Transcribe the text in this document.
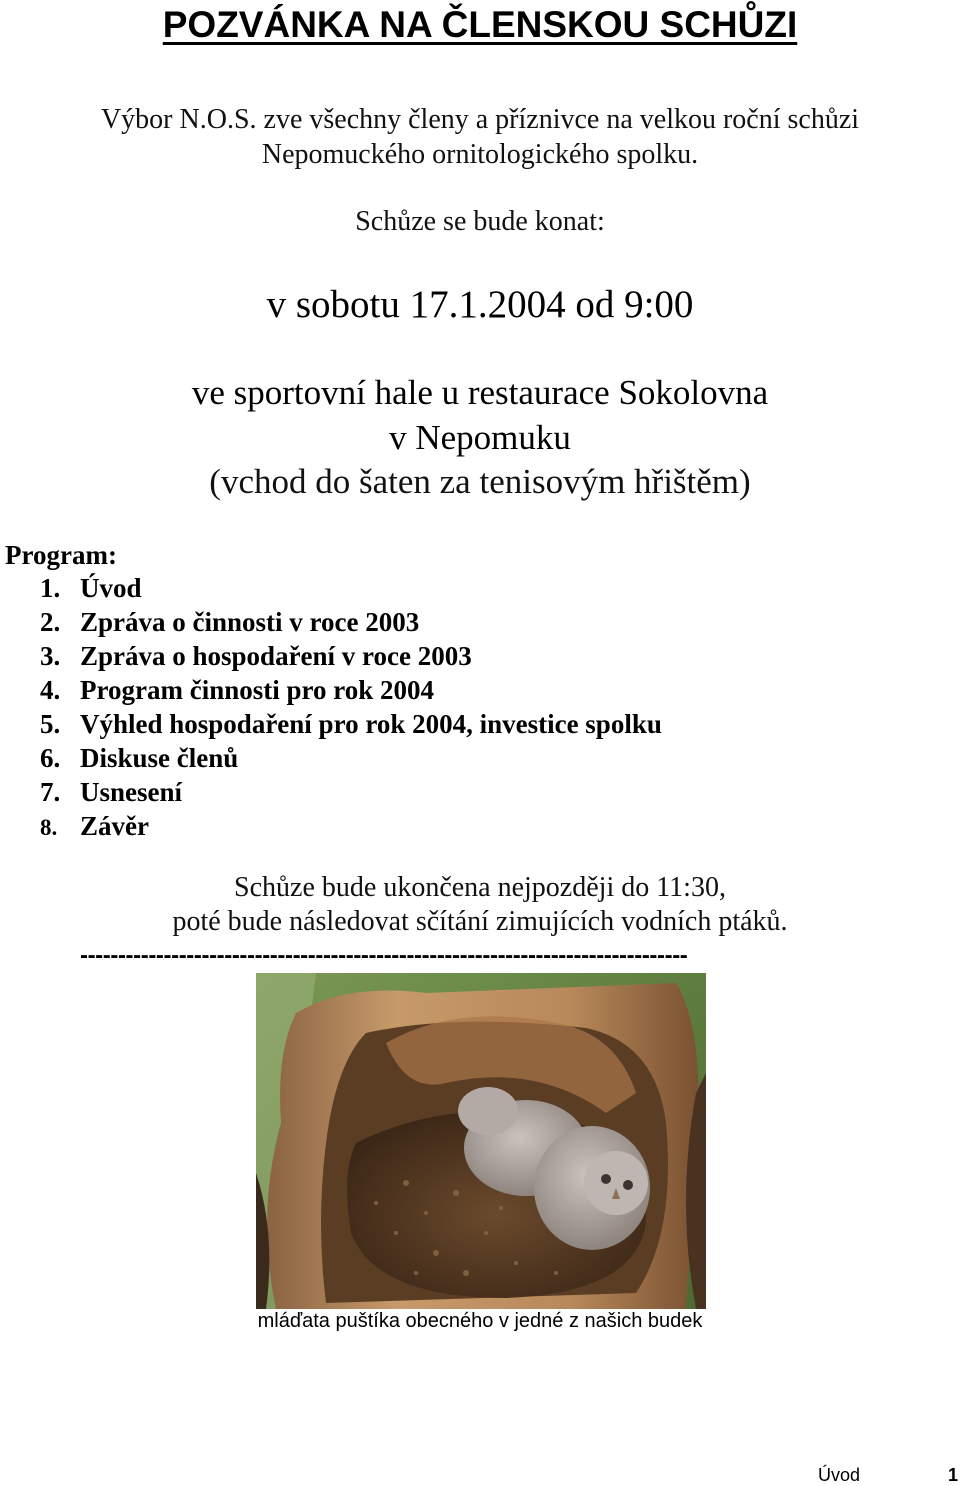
POZVÁNKA NA ČLENSKOU SCHŮZI
Výbor N.O.S. zve všechny členy a příznivce na velkou roční schůzi
Nepomuckého ornitologického spolku.
Schůze se bude konat:
v sobotu 17.1.2004 od 9:00
ve sportovní hale u restaurace Sokolovna
v Nepomuku
(vchod do šaten za tenisovým hřištěm)
Program:
1. Úvod
2. Zpráva o činnosti v roce 2003
3. Zpráva o hospodaření v roce 2003
4. Program činnosti pro rok 2004
5. Výhled hospodaření pro rok 2004, investice spolku
6. Diskuse členů
7. Usnesení
8. Závěr
Schůze bude ukončena nejpozději do 11:30,
poté bude následovat sčítání zimujících vodních ptáků.
--------------------------------------------------------------------------------
mláďata puštíka obecného v jedné z našich budek
Úvod	1
